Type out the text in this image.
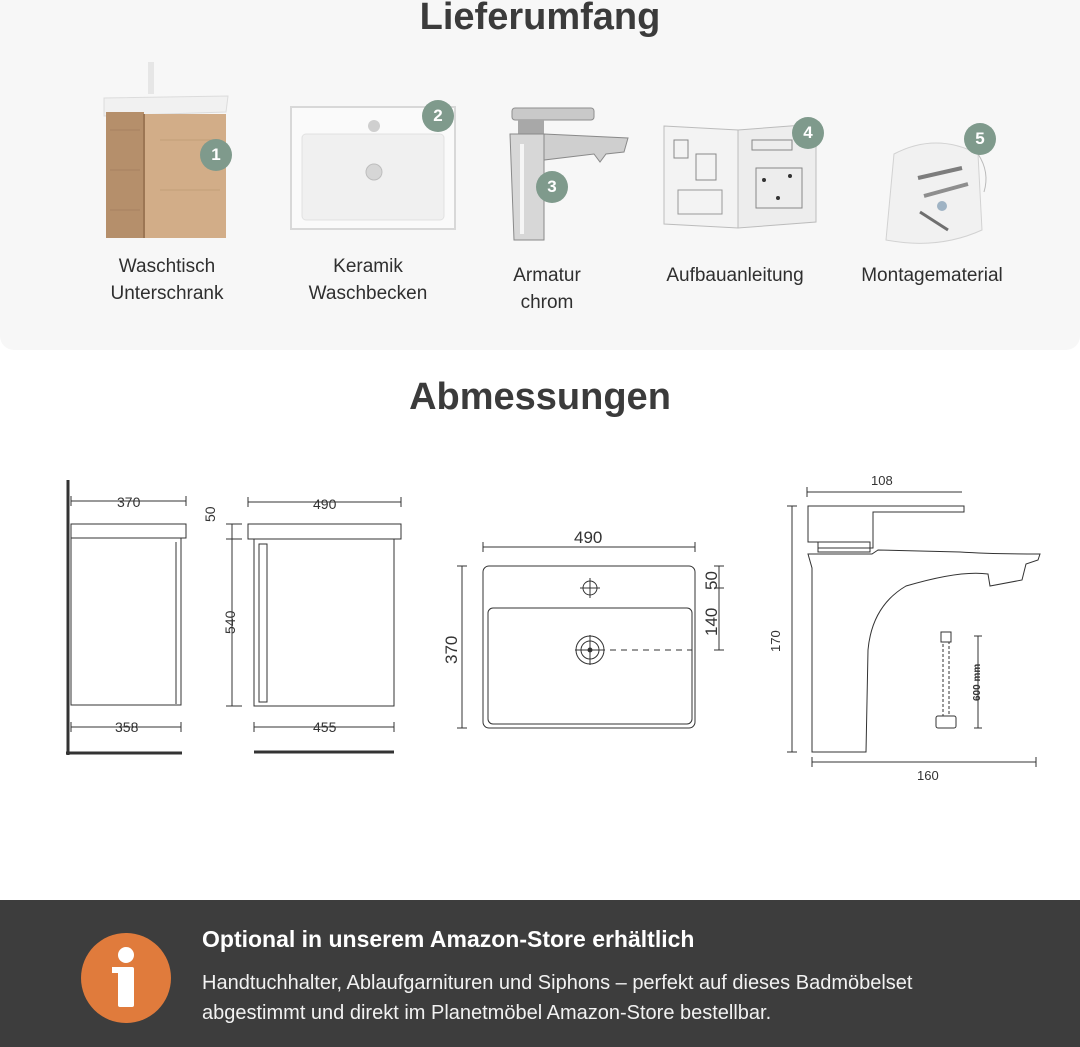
Lieferumfang
1
Waschtisch
Unterschrank
2
Keramik
Waschbecken
3
Armatur
chrom
4
Aufbauanleitung
5
Montagematerial
Abmessungen
370
358
490
455
50
540
490
370
50
140
108
170
160
600 mm
Optional in unserem Amazon-Store erhältlich
Handtuchhalter, Ablaufgarnituren und Siphons – perfekt auf dieses Badmöbelset
abgestimmt und direkt im Planetmöbel Amazon-Store bestellbar.
